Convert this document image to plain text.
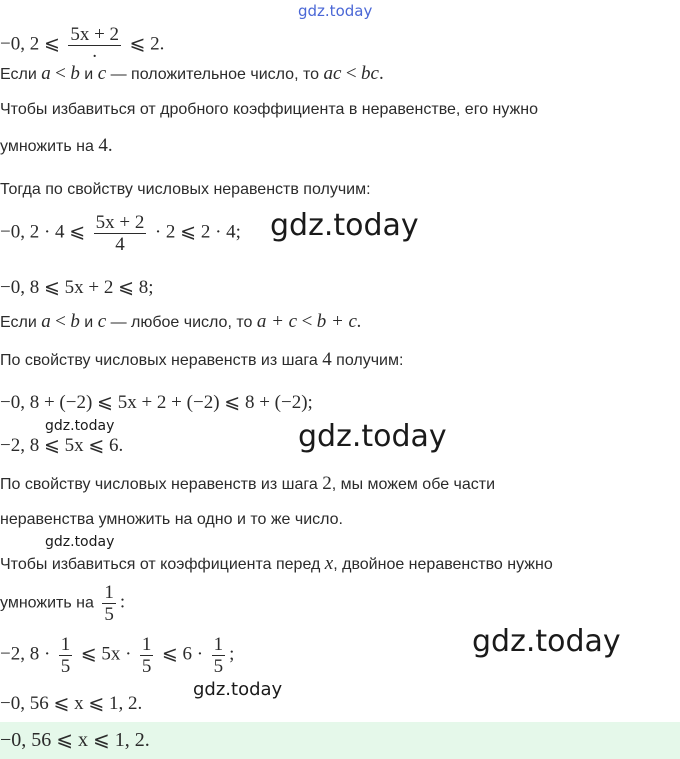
gdz.today
−0, 2 ⩽ $\frac{5x + 2}{\cdot}$ ⩽ 2.
Если a < b и c — положительное число, то ac < bc.
Чтобы избавиться от дробного коэффициента в неравенстве, его нужно
умножить на 4.
Тогда по свойству числовых неравенств получим:
−0, 2 · 4 ⩽ $\frac{5x + 2}{4} \cdot 2$ ⩽ 2 · 4; gdz.today
−0, 8 ⩽ 5x + 2 ⩽ 8;
Если a < b и c — любое число, то a + c < b + c.
По свойству числовых неравенств из шага 4 получим:
−0, 8 + (−2) ⩽ 5x + 2 + (−2) ⩽ 8 + (−2);
gdz.today
−2, 8 ⩽ 5x ⩽ 6.	gdz.today
По свойству числовых неравенств из шага 2, мы можем обе части
неравенства умножить на одно и то же число.
gdz.today
Чтобы избавиться от коэффициента перед x, двойное неравенство нужно
умножить на $\frac{1}{5}$ :
−2, $8 \cdot \frac{1}{5}$ ⩽ $5x \cdot \frac{1}{5}$ ⩽ $6 \cdot \frac{1}{5}$ ;	gdz.today
gdz.today
−0, 56 ⩽ x ⩽ 1, 2.
−0, 56 ⩽ x ⩽ 1, 2.
